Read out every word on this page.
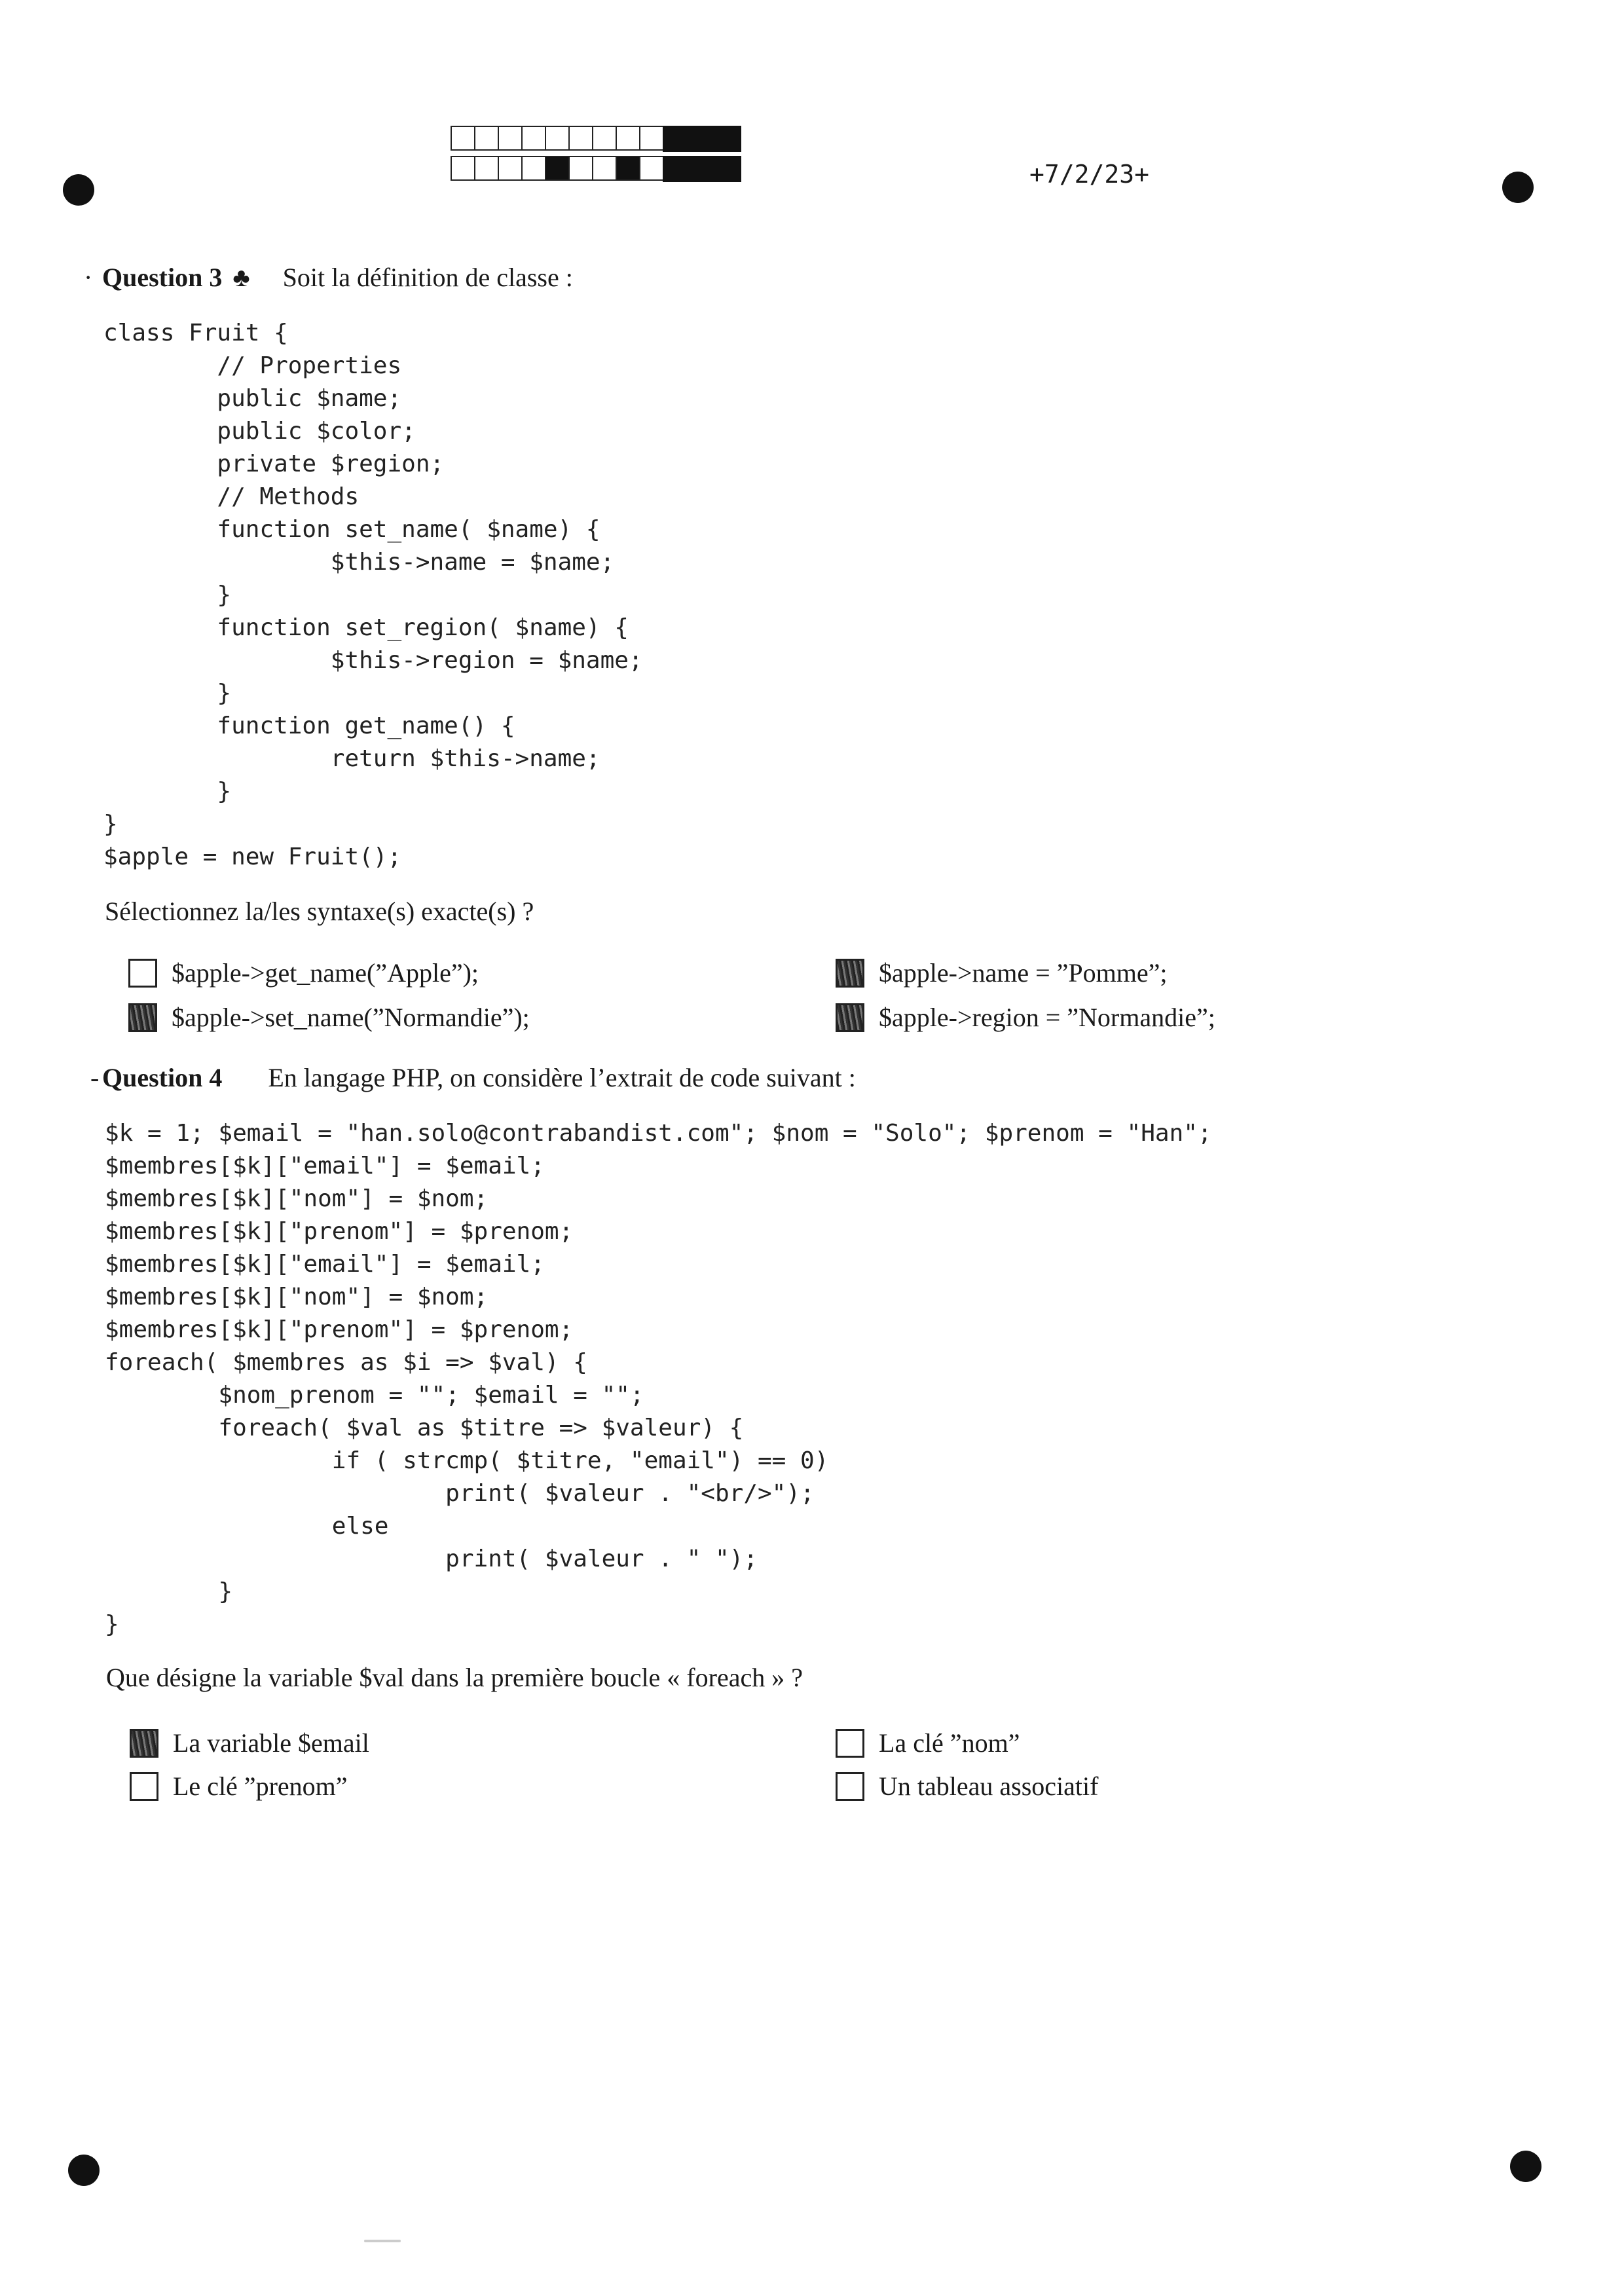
+7/2/23+
· Question 3 ♣ Soit la définition de classe :
class Fruit {
// Properties
public $name;
public $color;
private $region;
// Methods
function set_name( $name) {
$this->name = $name;
}
function set_region( $name) {
$this->region = $name;
}
function get_name() {
return $this->name;
}
}
$apple = new Fruit();
Sélectionnez la/les syntaxe(s) exacte(s) ?
$apple->get_name(”Apple”);	$apple->name = ”Pomme”;
$apple->set_name(”Normandie”);	$apple->region = ”Normandie”;
- Question 4 En langage PHP, on considère l’extrait de code suivant :
$k = 1; $email = "han.solo@contrabandist.com"; $nom = "Solo"; $prenom = "Han";
$membres[$k]["email"] = $email;
$membres[$k]["nom"] = $nom;
$membres[$k]["prenom"] = $prenom;
$membres[$k]["email"] = $email;
$membres[$k]["nom"] = $nom;
$membres[$k]["prenom"] = $prenom;
foreach( $membres as $i => $val) {
$nom_prenom = ""; $email = "";
foreach( $val as $titre => $valeur) {
if ( strcmp( $titre, "email") == 0)
print( $valeur . "<br/>");
else
print( $valeur . " ");
}
}
Que désigne la variable $val dans la première boucle « foreach » ?
La variable $email	La clé ”nom”
Le clé ”prenom”	Un tableau associatif
